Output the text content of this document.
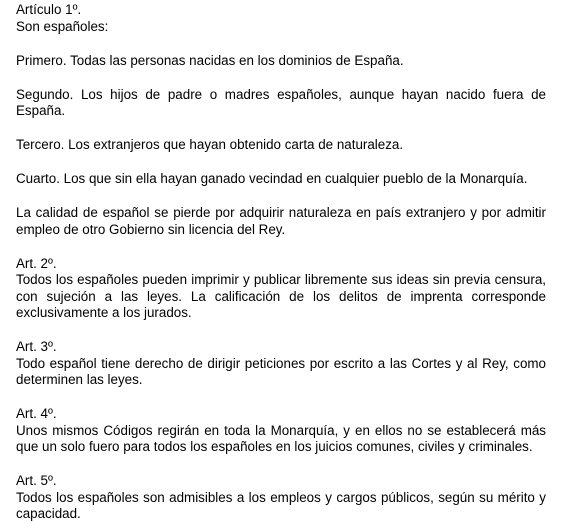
Artículo 1º.
Son españoles:
Primero. Todas las personas nacidas en los dominios de España.
Segundo. Los hijos de padre o madres españoles, aunque hayan nacido fuera de España.
Tercero. Los extranjeros que hayan obtenido carta de naturaleza.
Cuarto. Los que sin ella hayan ganado vecindad en cualquier pueblo de la Monarquía.
La calidad de español se pierde por adquirir naturaleza en país extranjero y por admitir empleo de otro Gobierno sin licencia del Rey.
Art. 2º.
Todos los españoles pueden imprimir y publicar libremente sus ideas sin previa censura, con sujeción a las leyes. La calificación de los delitos de imprenta corresponde exclusivamente a los jurados.
Art. 3º.
Todo español tiene derecho de dirigir peticiones por escrito a las Cortes y al Rey, como determinen las leyes.
Art. 4º.
Unos mismos Códigos regirán en toda la Monarquía, y en ellos no se establecerá más que un solo fuero para todos los españoles en los juicios comunes, civiles y criminales.
Art. 5º.
Todos los españoles son admisibles a los empleos y cargos públicos, según su mérito y capacidad.
